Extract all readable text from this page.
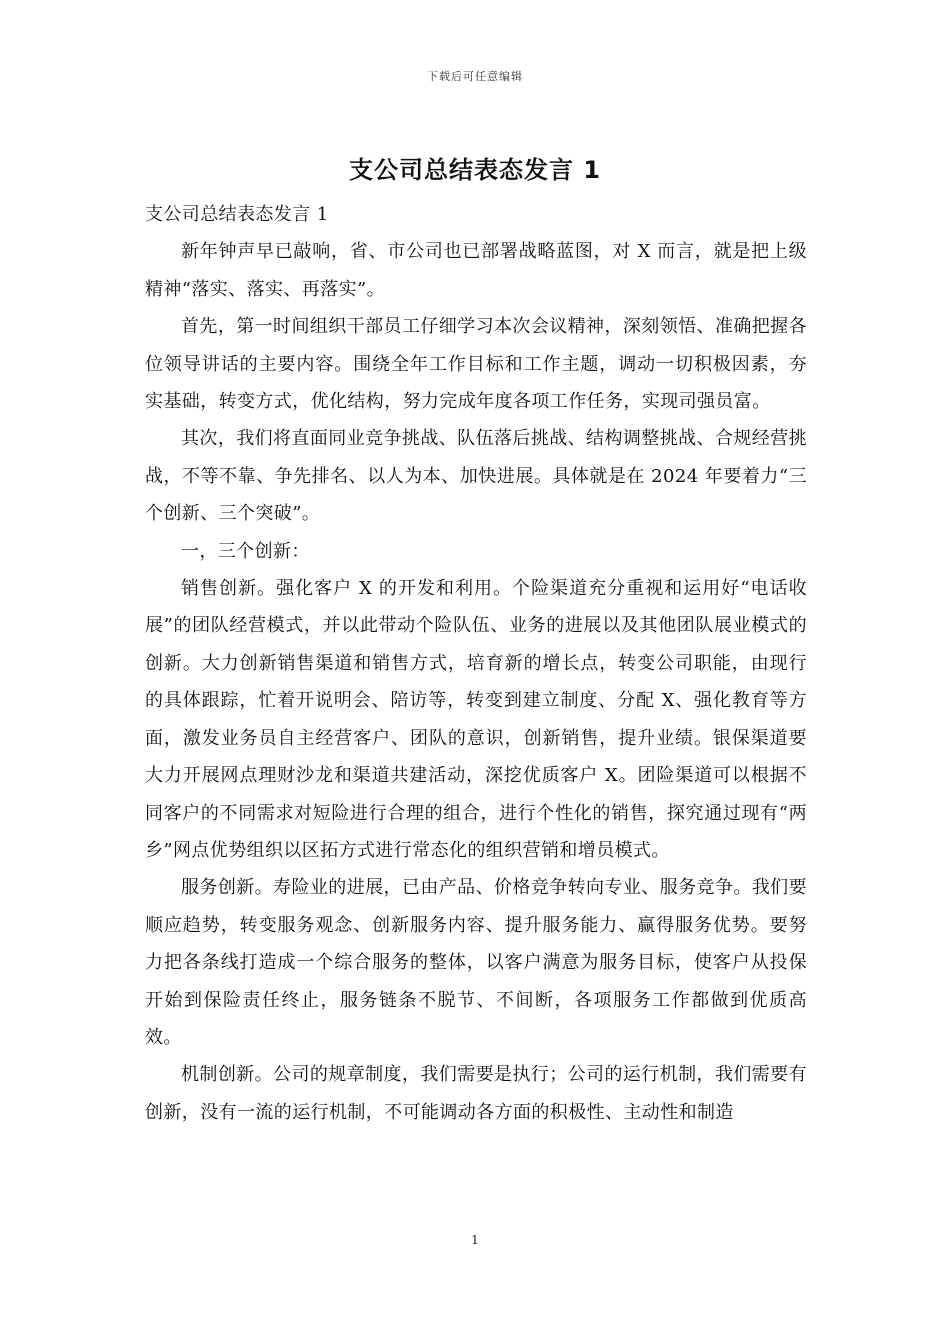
下载后可任意编辑
支公司总结表态发言 1

支公司总结表态发言 1

新年钟声早已敲响，省、市公司也已部署战略蓝图，对 X 而言，就是把上级精神“落实、落实、再落实”。

首先，第一时间组织干部员工仔细学习本次会议精神，深刻领悟、准确把握各位领导讲话的主要内容。围绕全年工作目标和工作主题，调动一切积极因素，夯实基础，转变方式，优化结构，努力完成年度各项工作任务，实现司强员富。

其次，我们将直面同业竞争挑战、队伍落后挑战、结构调整挑战、合规经营挑战，不等不靠、争先排名、以人为本、加快进展。具体就是在 2024 年要着力“三个创新、三个突破”。

一，三个创新：

销售创新。强化客户 X 的开发和利用。个险渠道充分重视和运用好“电话收展”的团队经营模式，并以此带动个险队伍、业务的进展以及其他团队展业模式的创新。大力创新销售渠道和销售方式，培育新的增长点，转变公司职能，由现行的具体跟踪，忙着开说明会、陪访等，转变到建立制度、分配 X、强化教育等方面，激发业务员自主经营客户、团队的意识，创新销售，提升业绩。银保渠道要大力开展网点理财沙龙和渠道共建活动，深挖优质客户 X。团险渠道可以根据不同客户的不同需求对短险进行合理的组合，进行个性化的销售，探究通过现有“两乡”网点优势组织以区拓方式进行常态化的组织营销和增员模式。

服务创新。寿险业的进展，已由产品、价格竞争转向专业、服务竞争。我们要顺应趋势，转变服务观念、创新服务内容、提升服务能力、赢得服务优势。要努力把各条线打造成一个综合服务的整体，以客户满意为服务目标，使客户从投保开始到保险责任终止，服务链条不脱节、不间断，各项服务工作都做到优质高效。

机制创新。公司的规章制度，我们需要是执行；公司的运行机制，我们需要有创新，没有一流的运行机制，不可能调动各方面的积极性、主动性和制造

1
